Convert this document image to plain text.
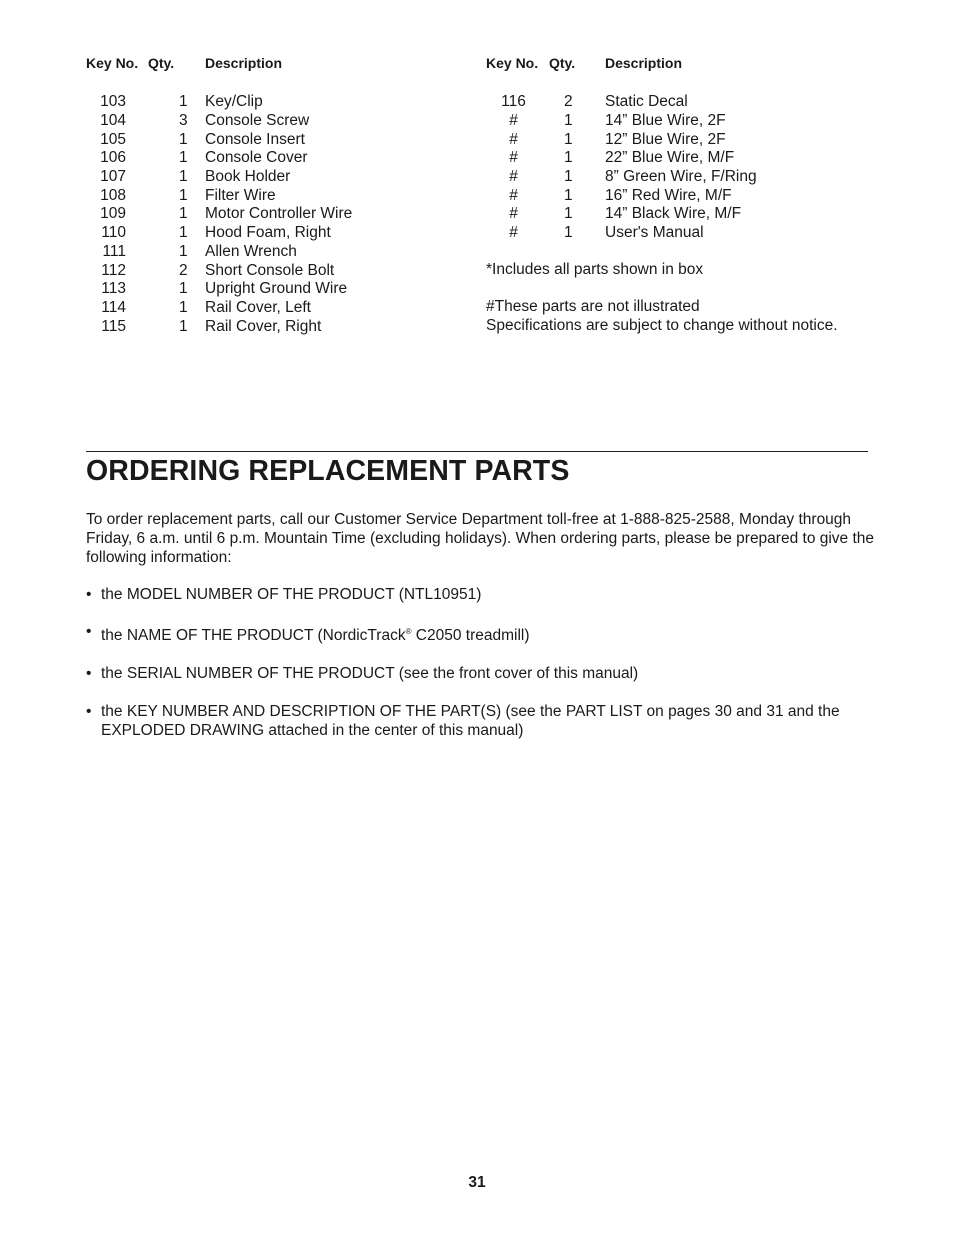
Key No. Qty.	Description
103	1	Key/Clip
104	3	Console Screw
105	1	Console Insert
106	1	Console Cover
107	1	Book Holder
108	1	Filter Wire
109	1	Motor Controller Wire
110	1	Hood Foam, Right
111	1	Allen Wrench
112	2	Short Console Bolt
113	1	Upright Ground Wire
114	1	Rail Cover, Left
115	1	Rail Cover, Right
Key No. Qty.	Description
116	2	Static Decal
#	1	14” Blue Wire, 2F
#	1	12” Blue Wire, 2F
#	1	22” Blue Wire, M/F
#	1	8” Green Wire, F/Ring
#	1	16” Red Wire, M/F
#	1	14” Black Wire, M/F
#	1	User's Manual
*Includes all parts shown in box
#These parts are not illustrated
Specifications are subject to change without notice.
ORDERING REPLACEMENT PARTS

To order replacement parts, call our Customer Service Department toll-free at 1-888-825-2588, Monday through Friday, 6 a.m. until 6 p.m. Mountain Time (excluding holidays). When ordering parts, please be prepared to give the following information:

• the MODEL NUMBER OF THE PRODUCT (NTL10951)
• the NAME OF THE PRODUCT (NordicTrack® C2050 treadmill)
• the SERIAL NUMBER OF THE PRODUCT (see the front cover of this manual)
• the KEY NUMBER AND DESCRIPTION OF THE PART(S) (see the PART LIST on pages 30 and 31 and the EXPLODED DRAWING attached in the center of this manual)
31
